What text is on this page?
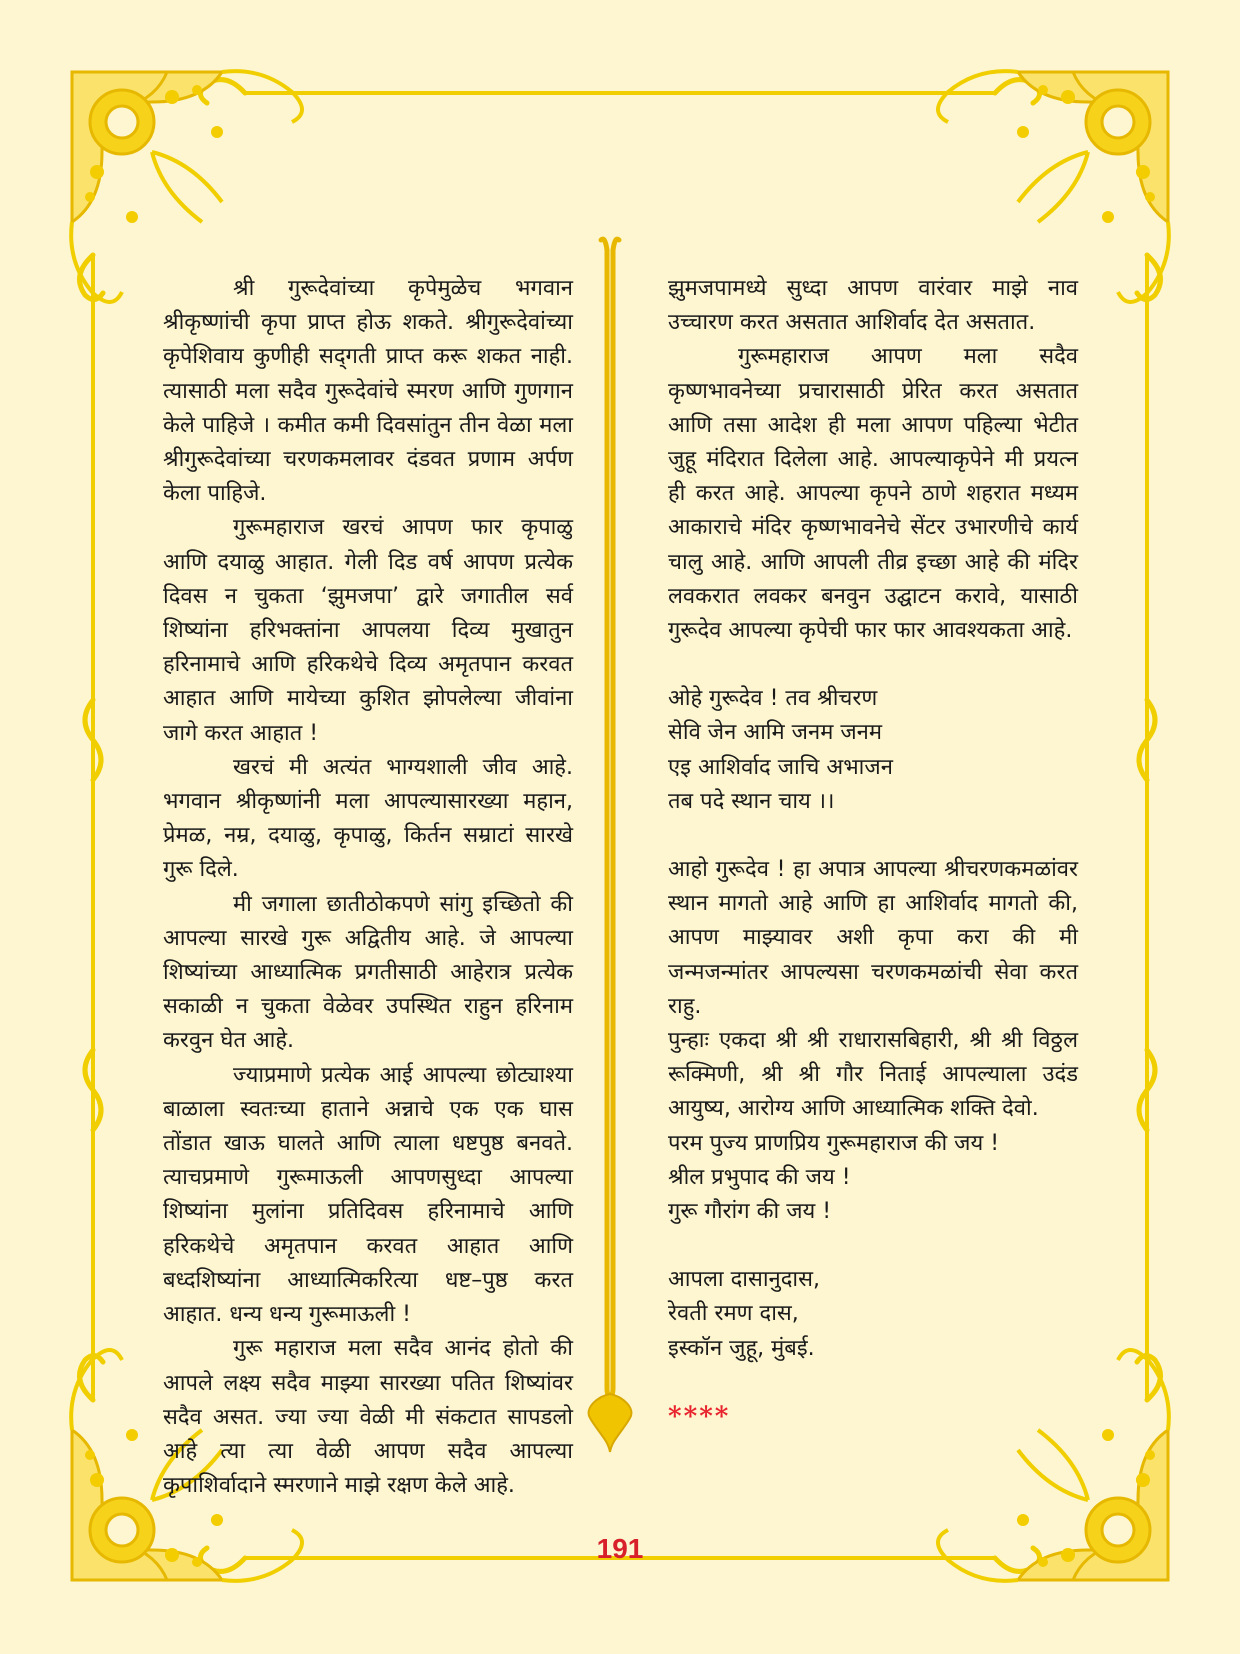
श्री गुरूदेवांच्या कृपेमुळेच भगवान श्रीकृष्णांची कृपा प्राप्त होऊ शकते. श्रीगुरूदेवांच्या कृपेशिवाय कुणीही सद्‌गती प्राप्त करू शकत नाही. त्यासाठी मला सदैव गुरूदेवांचे स्मरण आणि गुणगान केले पाहिजे । कमीत कमी दिवसांतुन तीन वेळा मला श्रीगुरूदेवांच्या चरणकमलावर दंडवत प्रणाम अर्पण केला पाहिजे.

गुरूमहाराज खरचं आपण फार कृपाळु आणि दयाळु आहात. गेली दिड वर्ष आपण प्रत्येक दिवस न चुकता ‘झुमजपा’ द्वारे जगातील सर्व शिष्यांना हरिभक्तांना आपलया दिव्य मुखातुन हरिनामाचे आणि हरिकथेचे दिव्य अमृतपान करवत आहात आणि मायेच्या कुशित झोपलेल्या जीवांना जागे करत आहात !

खरचं मी अत्यंत भाग्यशाली जीव आहे. भगवान श्रीकृष्णांनी मला आपल्यासारख्या महान, प्रेमळ, नम्र, दयाळु, कृपाळु, किर्तन सम्राटां सारखे गुरू दिले.

मी जगाला छातीठोकपणे सांगु इच्छितो की आपल्या सारखे गुरू अद्वितीय आहे. जे आपल्या शिष्यांच्या आध्यात्मिक प्रगतीसाठी आहेरात्र प्रत्येक सकाळी न चुकता वेळेवर उपस्थित राहुन हरिनाम करवुन घेत आहे.

ज्याप्रमाणे प्रत्येक आई आपल्या छोट्याश्या बाळाला स्वतःच्या हाताने अन्नाचे एक एक घास तोंडात खाऊ घालते आणि त्याला धष्टपुष्ठ बनवते. त्याचप्रमाणे गुरूमाऊली आपणसुध्दा आपल्या शिष्यांना मुलांना प्रतिदिवस हरिनामाचे आणि हरिकथेचे अमृतपान करवत आहात आणि बध्दशिष्यांना आध्यात्मिकरित्या धष्ट–पुष्ठ करत आहात. धन्य धन्य गुरूमाऊली !

गुरू महाराज मला सदैव आनंद होतो की आपले लक्ष्य सदैव माझ्या सारख्या पतित शिष्यांवर सदैव असत. ज्या ज्या वेळी मी संकटात सापडलो आहे त्या त्या वेळी आपण सदैव आपल्या कृपाशिर्वादाने स्मरणाने माझे रक्षण केले आहे.

झुमजपामध्ये सुध्दा आपण वारंवार माझे नाव उच्चारण करत असतात आशिर्वाद देत असतात.

गुरूमहाराज आपण मला सदैव कृष्णभावनेच्या प्रचारासाठी प्रेरित करत असतात आणि तसा आदेश ही मला आपण पहिल्या भेटीत जुहू मंदिरात दिलेला आहे. आपल्याकृपेने मी प्रयत्न ही करत आहे. आपल्या कृपने ठाणे शहरात मध्यम आकाराचे मंदिर कृष्णभावनेचे सेंटर उभारणीचे कार्य चालु आहे. आणि आपली तीव्र इच्छा आहे की मंदिर लवकरात लवकर बनवुन उद्घाटन करावे, यासाठी गुरूदेव आपल्या कृपेची फार फार आवश्यकता आहे.

ओहे गुरूदेव ! तव श्रीचरण
सेवि जेन आमि जनम जनम
एइ आशिर्वाद जाचि अभाजन
तब पदे स्थान चाय ।।

आहो गुरूदेव ! हा अपात्र आपल्या श्रीचरणकमळांवर स्थान मागतो आहे आणि हा आशिर्वाद मागतो की, आपण माझ्यावर अशी कृपा करा की मी जन्मजन्मांतर आपल्यसा चरणकमळांची सेवा करत राहु.

पुन्हाः एकदा श्री श्री राधारासबिहारी, श्री श्री विठ्ठल रूक्मिणी, श्री श्री गौर निताई आपल्याला उदंड आयुष्य, आरोग्य आणि आध्यात्मिक शक्ति देवो.

परम पुज्य प्राणप्रिय गुरूमहाराज की जय !
श्रील प्रभुपाद की जय !
गुरू गौरांग की जय !
आपला दासानुदास,
रेवती रमण दास,
इस्कॉन जुहू, मुंबई.
****
191
